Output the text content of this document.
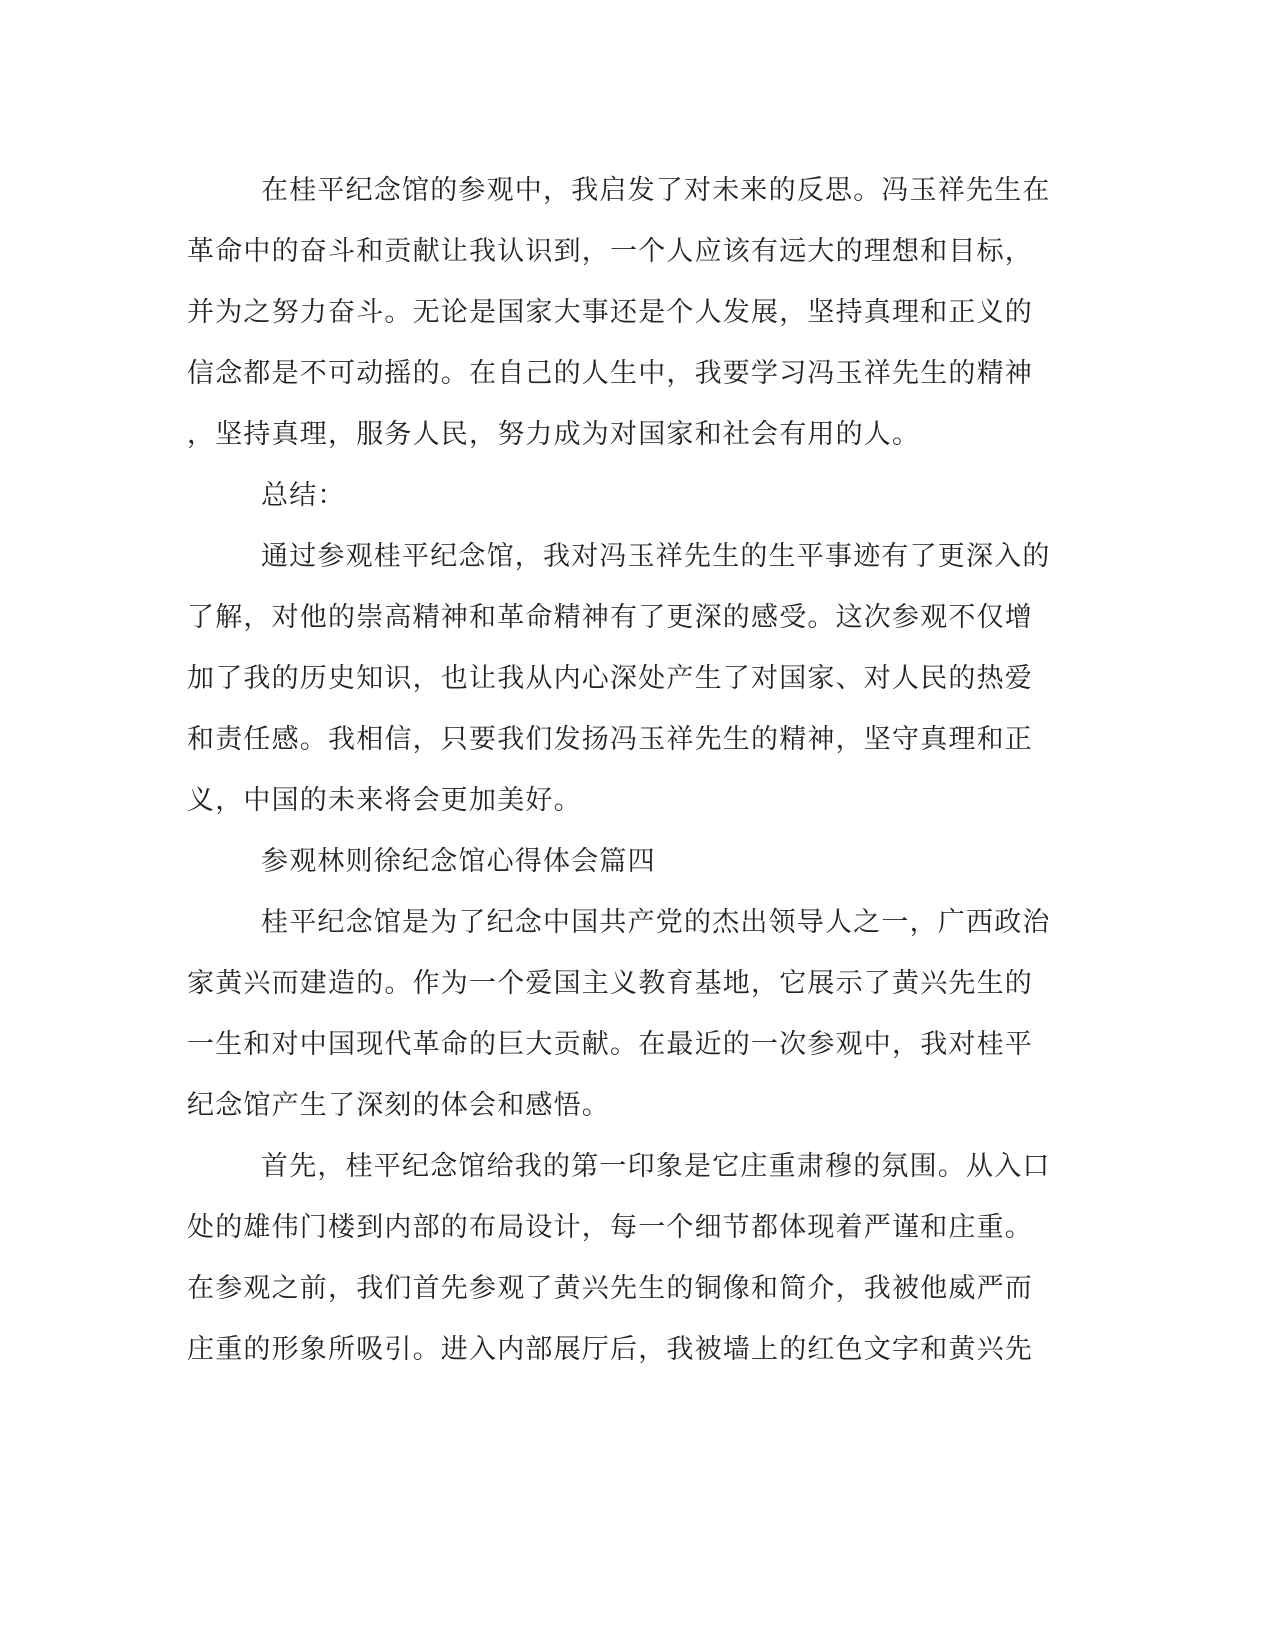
在桂平纪念馆的参观中，我启发了对未来的反思。冯玉祥先生在
革命中的奋斗和贡献让我认识到，一个人应该有远大的理想和目标，
并为之努力奋斗。无论是国家大事还是个人发展，坚持真理和正义的
信念都是不可动摇的。在自己的人生中，我要学习冯玉祥先生的精神
，坚持真理，服务人民，努力成为对国家和社会有用的人。
总结：
通过参观桂平纪念馆，我对冯玉祥先生的生平事迹有了更深入的
了解，对他的崇高精神和革命精神有了更深的感受。这次参观不仅增
加了我的历史知识，也让我从内心深处产生了对国家、对人民的热爱
和责任感。我相信，只要我们发扬冯玉祥先生的精神，坚守真理和正
义，中国的未来将会更加美好。
参观林则徐纪念馆心得体会篇四
桂平纪念馆是为了纪念中国共产党的杰出领导人之一，广西政治
家黄兴而建造的。作为一个爱国主义教育基地，它展示了黄兴先生的
一生和对中国现代革命的巨大贡献。在最近的一次参观中，我对桂平
纪念馆产生了深刻的体会和感悟。
首先，桂平纪念馆给我的第一印象是它庄重肃穆的氛围。从入口
处的雄伟门楼到内部的布局设计，每一个细节都体现着严谨和庄重。
在参观之前，我们首先参观了黄兴先生的铜像和简介，我被他威严而
庄重的形象所吸引。进入内部展厅后，我被墙上的红色文字和黄兴先
